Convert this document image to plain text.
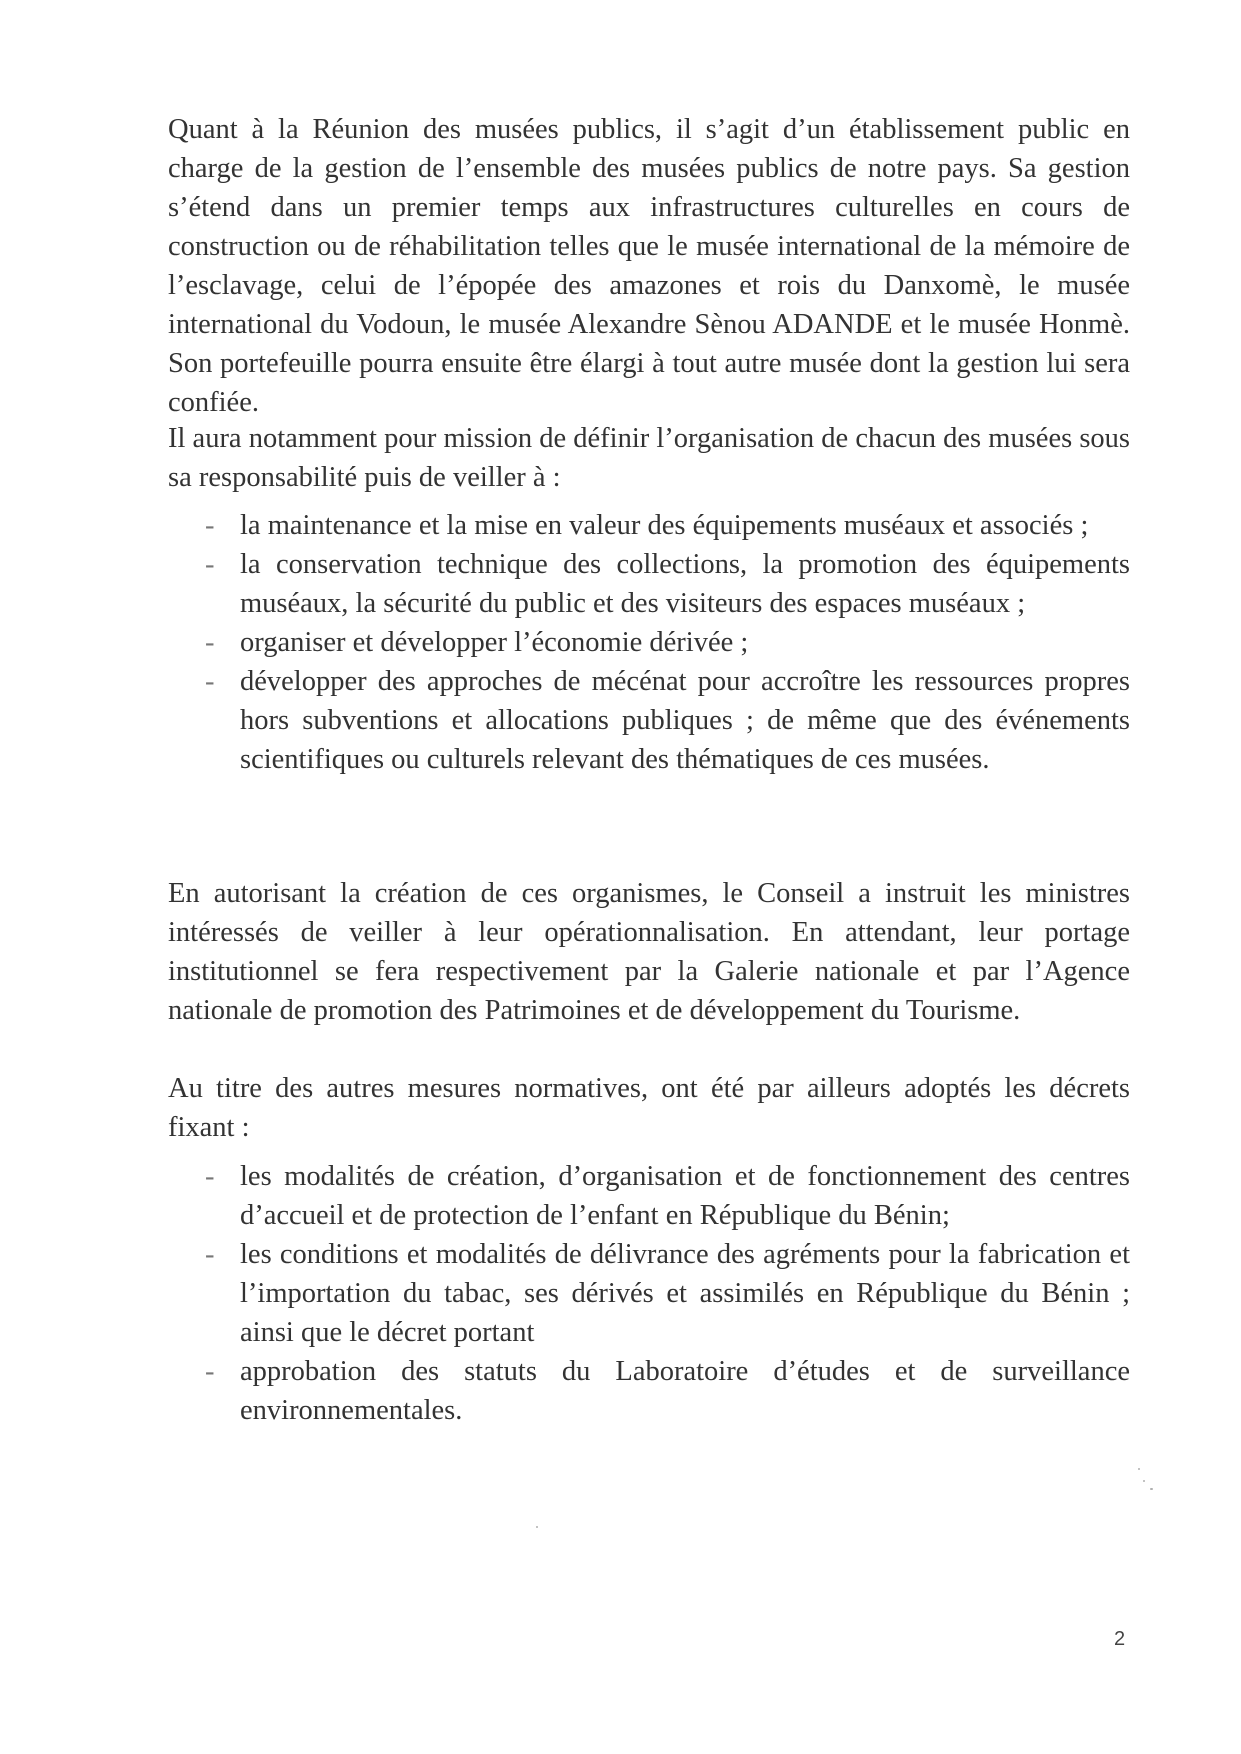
Quant à la Réunion des musées publics, il s’agit d’un établissement public en charge de la gestion de l’ensemble des musées publics de notre pays. Sa gestion s’étend dans un premier temps aux infrastructures culturelles en cours de construction ou de réhabilitation telles que le musée international de la mémoire de l’esclavage, celui de l’épopée des amazones et rois du Danxomè, le musée international du Vodoun, le musée Alexandre Sènou ADANDE et le musée Honmè. Son portefeuille pourra ensuite être élargi à tout autre musée dont la gestion lui sera confiée.

Il aura notamment pour mission de définir l’organisation de chacun des musées sous sa responsabilité puis de veiller à :

- la maintenance et la mise en valeur des équipements muséaux et associés ;
- la conservation technique des collections, la promotion des équipements muséaux, la sécurité du public et des visiteurs des espaces muséaux ;
- organiser et développer l’économie dérivée ;
- développer des approches de mécénat pour accroître les ressources propres hors subventions et allocations publiques ; de même que des événements scientifiques ou culturels relevant des thématiques de ces musées.

En autorisant la création de ces organismes, le Conseil a instruit les ministres intéressés de veiller à leur opérationnalisation. En attendant, leur portage institutionnel se fera respectivement par la Galerie nationale et par l’Agence nationale de promotion des Patrimoines et de développement du Tourisme.

Au titre des autres mesures normatives, ont été par ailleurs adoptés les décrets fixant :

- les modalités de création, d’organisation et de fonctionnement des centres d’accueil et de protection de l’enfant en République du Bénin;
- les conditions et modalités de délivrance des agréments pour la fabrication et l’importation du tabac, ses dérivés et assimilés en République du Bénin ; ainsi que le décret portant
- approbation des statuts du Laboratoire d’études et de surveillance environnementales.
2
